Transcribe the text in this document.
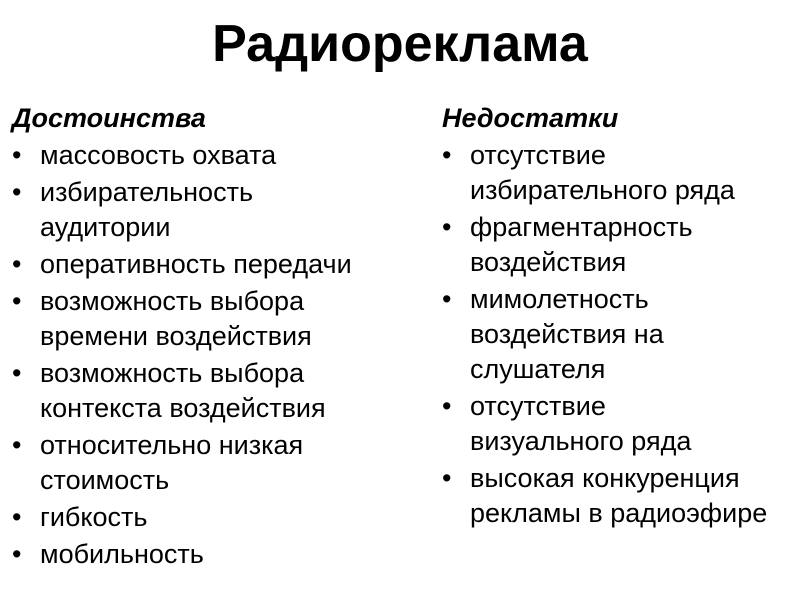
Радиореклама
Достоинства
• массовость охвата
• избирательность аудитории
• оперативность передачи
• возможность выбора времени воздействия
• возможность выбора контекста воздействия
• относительно низкая стоимость
• гибкость
• мобильность
Недостатки
• отсутствие избирательного ряда
• фрагментарность воздействия
• мимолетность воздействия на слушателя
• отсутствие визуального ряда
• высокая конкуренция рекламы в радиоэфире
